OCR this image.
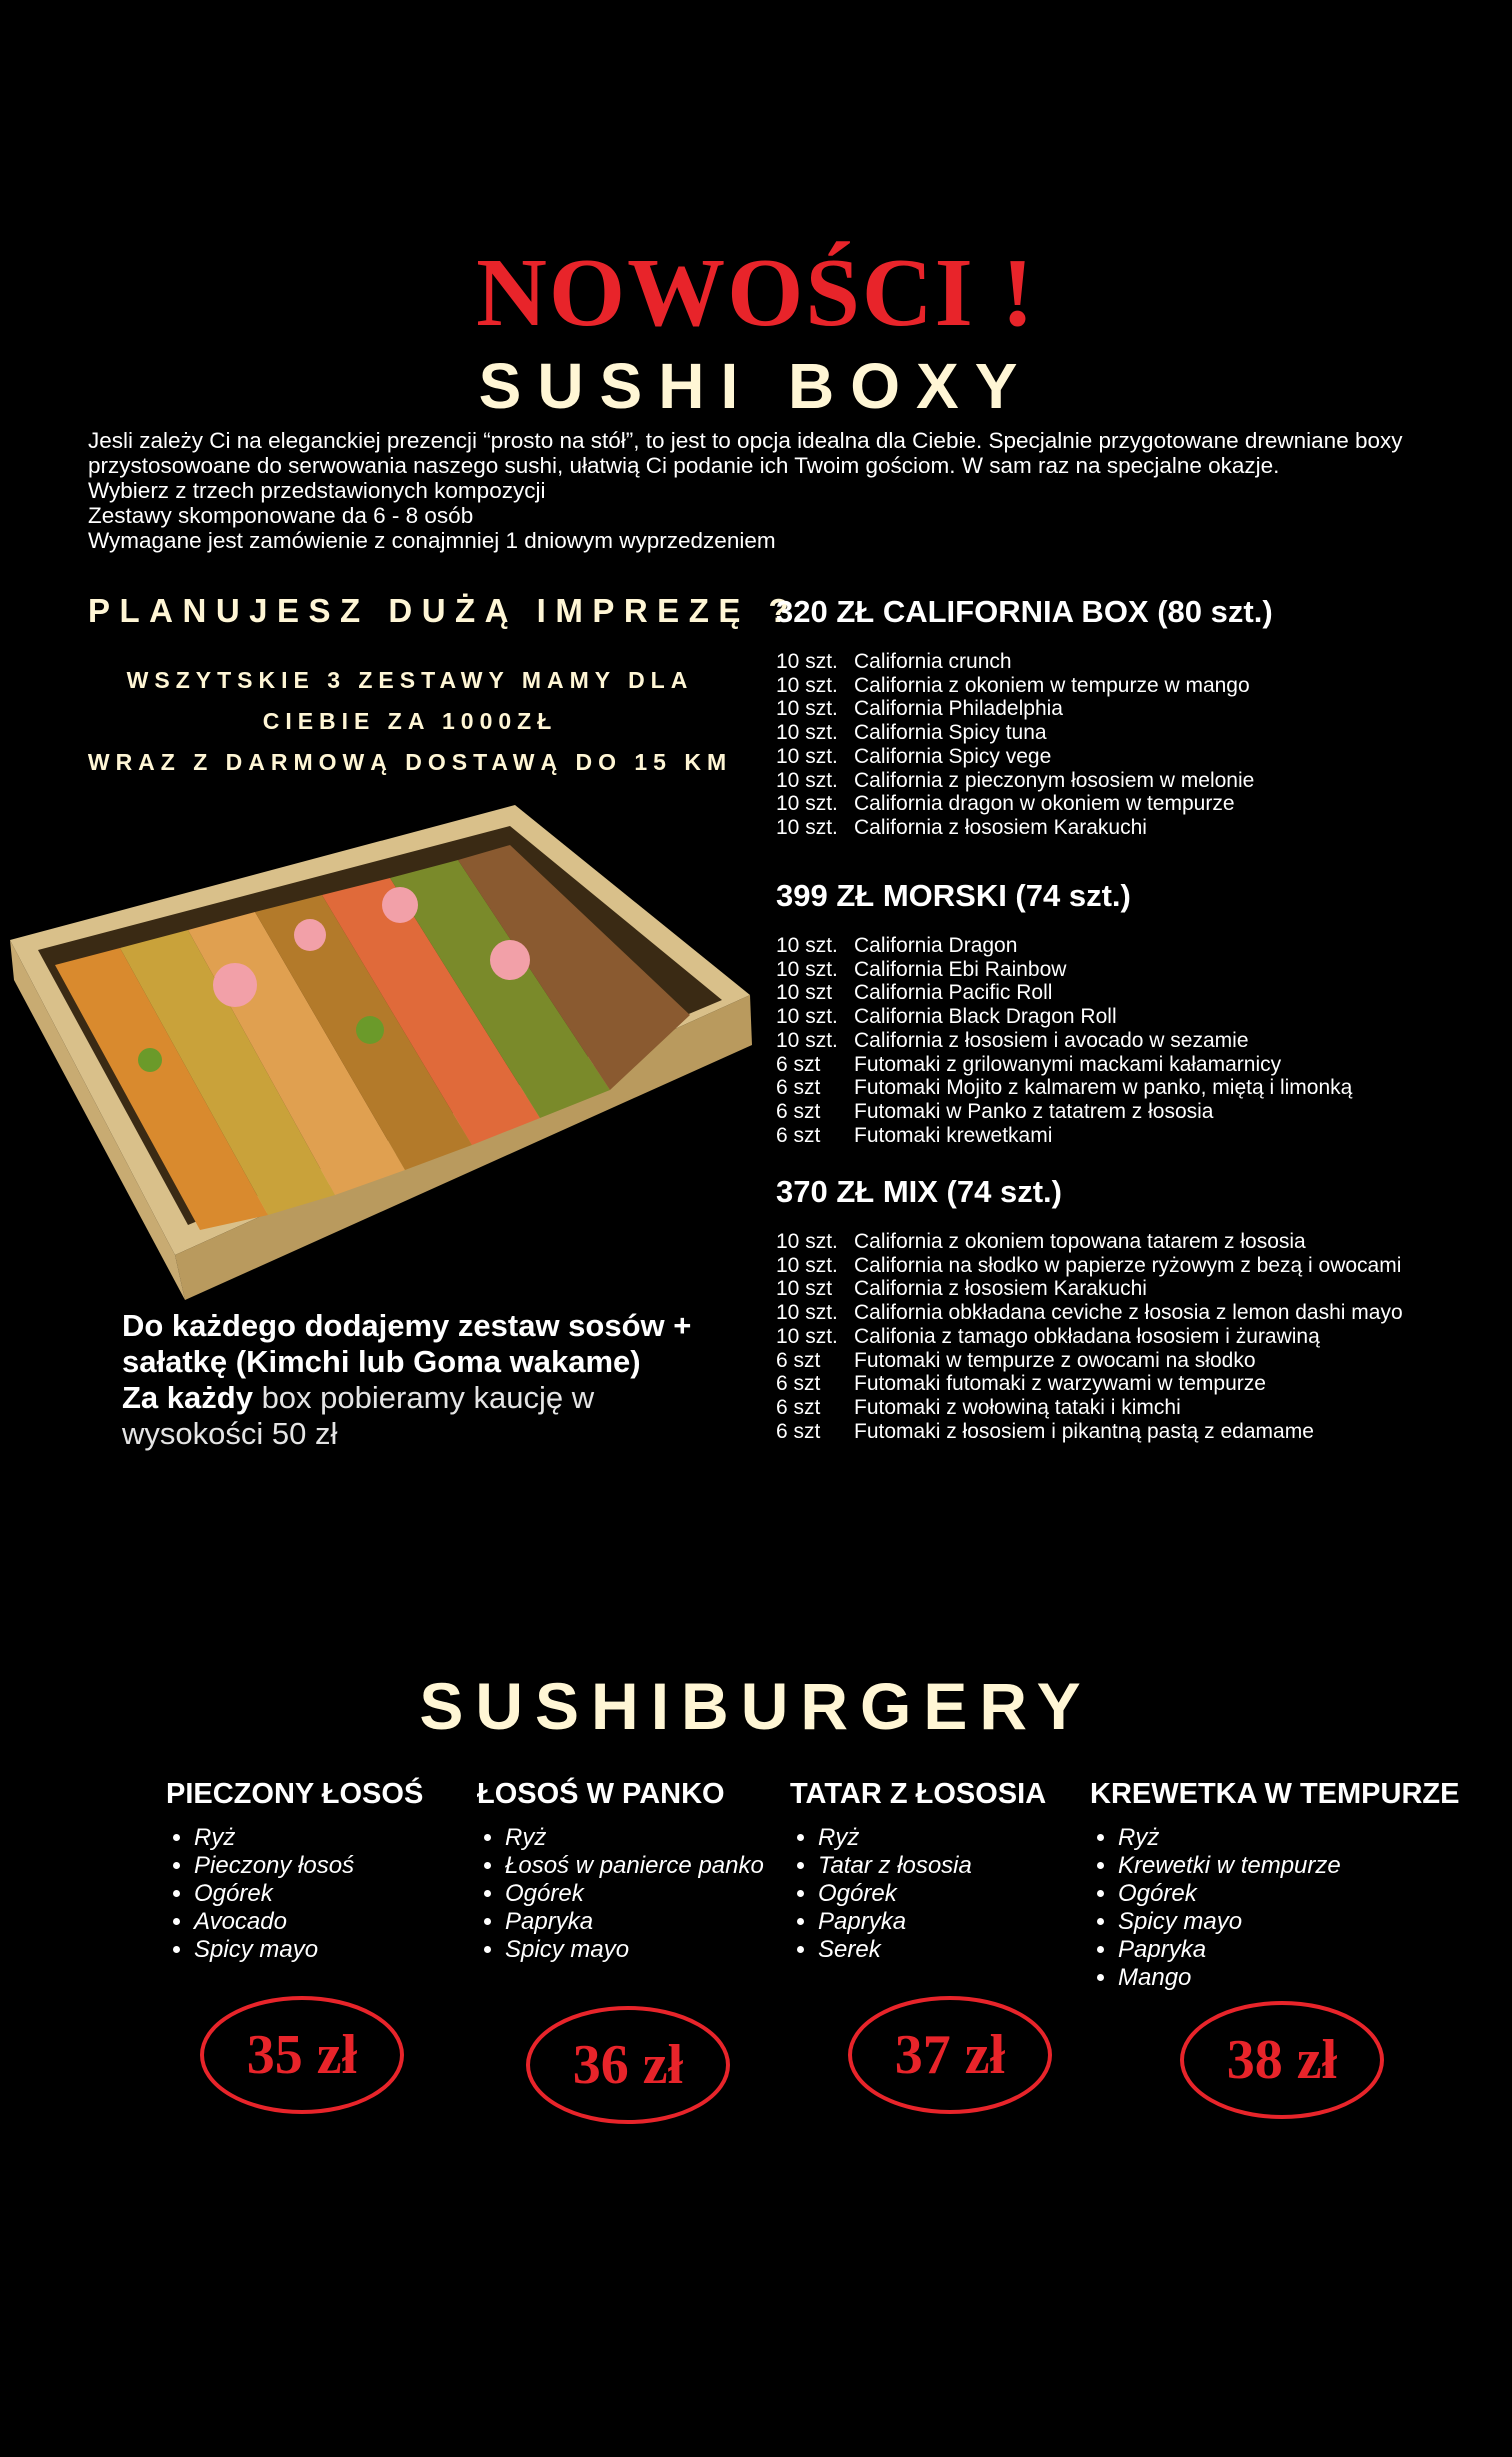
NOWOŚCI !
SUSHI BOXY
Jesli zależy Ci na eleganckiej prezencji “prosto na stół”, to jest to opcja idealna dla Ciebie. Specjalnie przygotowane drewniane boxy
przystosowoane do serwowania naszego sushi, ułatwią Ci podanie ich Twoim gościom. W sam raz na specjalne okazje.
Wybierz z trzech przedstawionych kompozycji
Zestawy skomponowane da 6 - 8 osób
Wymagane jest zamówienie z conajmniej 1 dniowym wyprzedzeniem
PLANUJESZ DUŻĄ IMPREZĘ ?
WSZYTSKIE 3 ZESTAWY MAMY DLA
CIEBIE ZA 1000ZŁ
WRAZ Z DARMOWĄ DOSTAWĄ DO 15 KM
Do każdego dodajemy zestaw sosów + sałatkę (Kimchi lub Goma wakame)
Za każdy box pobieramy kaucję w wysokości 50 zł
320 ZŁ CALIFORNIA BOX (80 szt.)
10 szt. California crunch
10 szt. California z okoniem w tempurze w mango
10 szt. California Philadelphia
10 szt. California Spicy tuna
10 szt. California Spicy vege
10 szt. California z pieczonym łososiem w melonie
10 szt. California dragon w okoniem w tempurze
10 szt. California z łososiem Karakuchi
399 ZŁ MORSKI (74 szt.)
10 szt. California Dragon
10 szt. California Ebi Rainbow
10 szt California Pacific Roll
10 szt. California Black Dragon Roll
10 szt. California z łososiem i avocado w sezamie
6 szt Futomaki z grilowanymi mackami kałamarnicy
6 szt Futomaki Mojito z kalmarem w panko, miętą i limonką
6 szt Futomaki w Panko z tatatrem z łososia
6 szt Futomaki krewetkami
370 ZŁ MIX (74 szt.)
10 szt. California z okoniem topowana tatarem z łososia
10 szt. California na słodko w papierze ryżowym z bezą i owocami
10 szt California z łososiem Karakuchi
10 szt. California obkładana ceviche z łososia z lemon dashi mayo
10 szt. Califonia z tamago obkładana łososiem i żurawiną
6 szt Futomaki w tempurze z owocami na słodko
6 szt Futomaki futomaki z warzywami w tempurze
6 szt Futomaki z wołowiną tataki i kimchi
6 szt Futomaki z łososiem i pikantną pastą z edamame
SUSHIBURGERY
PIECZONY ŁOSOŚ
• Ryż
• Pieczony łosoś
• Ogórek
• Avocado
• Spicy mayo
ŁOSOŚ W PANKO
• Ryż
• Łosoś w panierce panko
• Ogórek
• Papryka
• Spicy mayo
TATAR Z ŁOSOSIA
• Ryż
• Tatar z łososia
• Ogórek
• Papryka
• Serek
KREWETKA W TEMPURZE
• Ryż
• Krewetki w tempurze
• Ogórek
• Spicy mayo
• Papryka
• Mango
35 zł	36 zł	37 zł	38 zł
